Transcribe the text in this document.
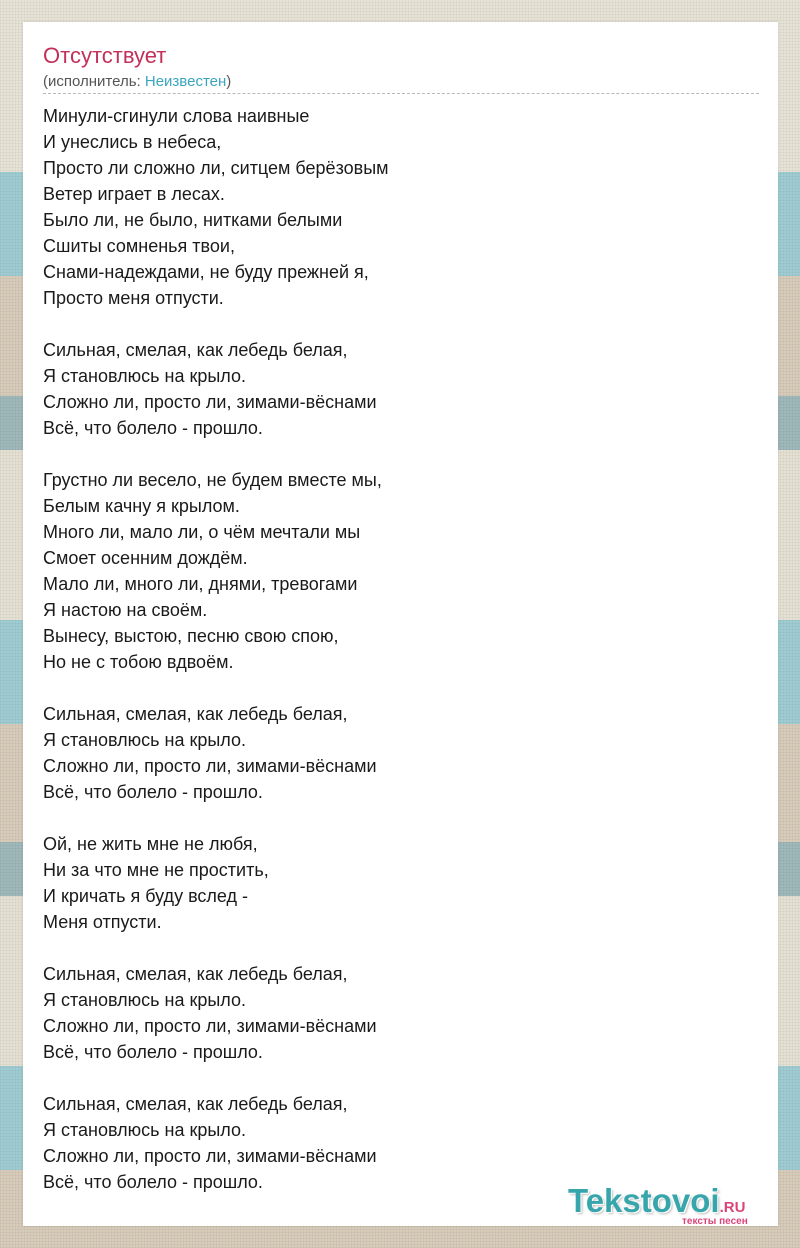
Отсутствует
(исполнитель: Неизвестен)
Минули-сгинули слова наивные
И унеслись в небеса,
Просто ли сложно ли, ситцем берёзовым
Ветер играет в лесах.
Было ли, не было, нитками белыми
Сшиты сомненья твои,
Снами-надеждами, не буду прежней я,
Просто меня отпусти.
Сильная, смелая, как лебедь белая,
Я становлюсь на крыло.
Сложно ли, просто ли, зимами-вёснами
Всё, что болело - прошло.
Грустно ли весело, не будем вместе мы,
Белым качну я крылом.
Много ли, мало ли, о чём мечтали мы
Смоет осенним дождём.
Мало ли, много ли, днями, тревогами
Я настою на своём.
Вынесу, выстою, песню свою спою,
Но не с тобою вдвоём.
Сильная, смелая, как лебедь белая,
Я становлюсь на крыло.
Сложно ли, просто ли, зимами-вёснами
Всё, что болело - прошло.
Ой, не жить мне не любя,
Ни за что мне не простить,
И кричать я буду вслед -
Меня отпусти.
Сильная, смелая, как лебедь белая,
Я становлюсь на крыло.
Сложно ли, просто ли, зимами-вёснами
Всё, что болело - прошло.
Сильная, смелая, как лебедь белая,
Я становлюсь на крыло.
Сложно ли, просто ли, зимами-вёснами
Всё, что болело - прошло.	Tekstovoi.RU
тексты песен
